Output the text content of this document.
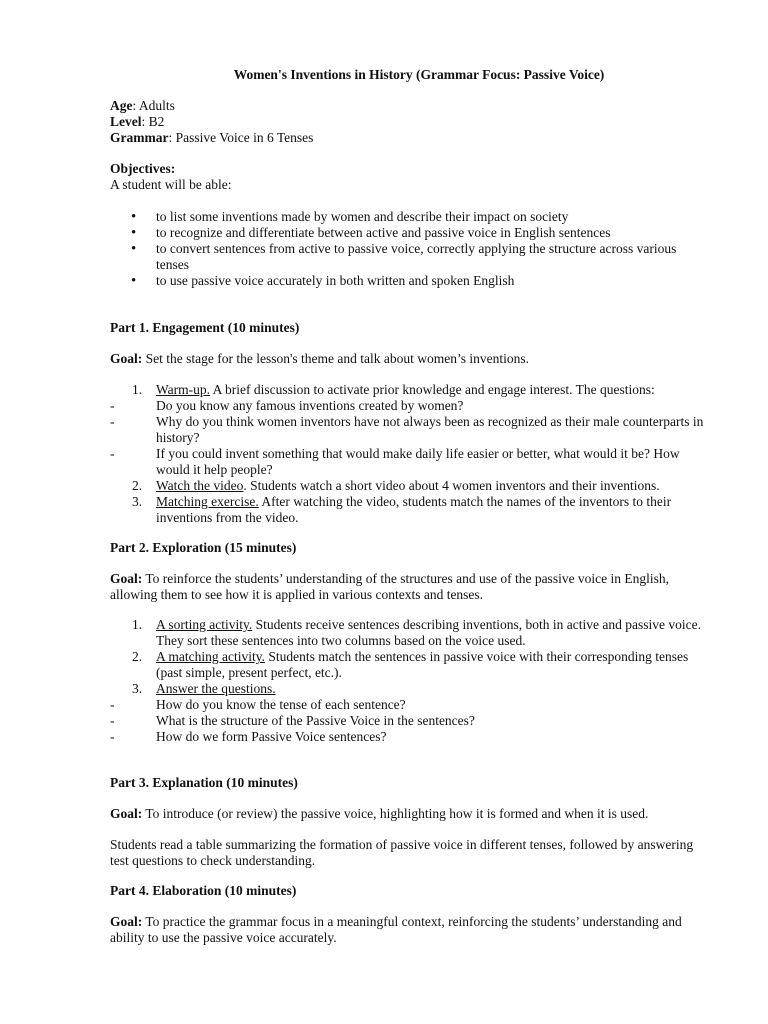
Women's Inventions in History (Grammar Focus: Passive Voice)
Age: Adults
Level: B2
Grammar: Passive Voice in 6 Tenses
Objectives:
A student will be able:
• to list some inventions made by women and describe their impact on society
• to recognize and differentiate between active and passive voice in English sentences
• to convert sentences from active to passive voice, correctly applying the structure across various tenses
• to use passive voice accurately in both written and spoken English
Part 1. Engagement (10 minutes)
Goal: Set the stage for the lesson's theme and talk about women’s inventions.
1. Warm-up. A brief discussion to activate prior knowledge and engage interest. The questions:
-	Do you know any famous inventions created by women?
-	Why do you think women inventors have not always been as recognized as their male counterparts in history?
-	If you could invent something that would make daily life easier or better, what would it be? How would it help people?
2. Watch the video. Students watch a short video about 4 women inventors and their inventions.
3. Matching exercise. After watching the video, students match the names of the inventors to their inventions from the video.
Part 2. Exploration (15 minutes)
Goal: To reinforce the students’ understanding of the structures and use of the passive voice in English, allowing them to see how it is applied in various contexts and tenses.
1. A sorting activity. Students receive sentences describing inventions, both in active and passive voice. They sort these sentences into two columns based on the voice used.
2. A matching activity. Students match the sentences in passive voice with their corresponding tenses (past simple, present perfect, etc.).
3. Answer the questions.
-	How do you know the tense of each sentence?
-	What is the structure of the Passive Voice in the sentences?
-	How do we form Passive Voice sentences?
Part 3. Explanation (10 minutes)
Goal: To introduce (or review) the passive voice, highlighting how it is formed and when it is used.
Students read a table summarizing the formation of passive voice in different tenses, followed by answering test questions to check understanding.
Part 4. Elaboration (10 minutes)
Goal: To practice the grammar focus in a meaningful context, reinforcing the students’ understanding and ability to use the passive voice accurately.
